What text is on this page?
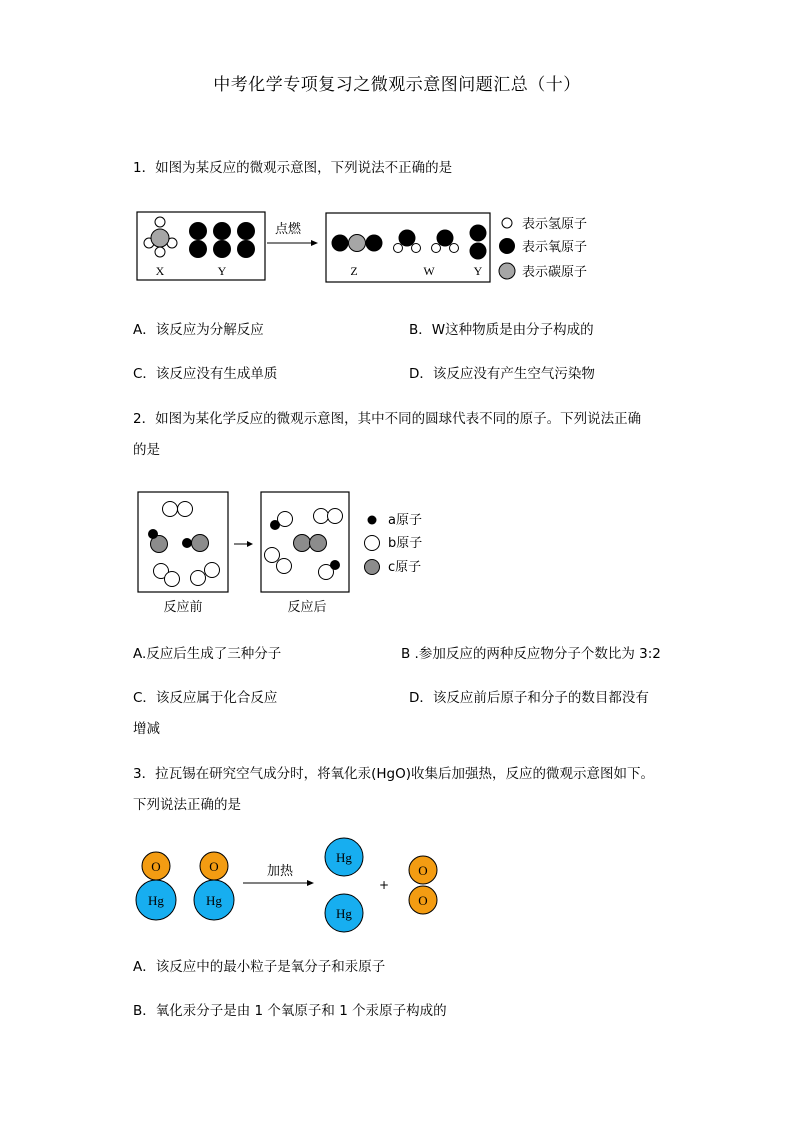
中考化学专项复习之微观示意图问题汇总（十）
1．如图为某反应的微观示意图，下列说法不正确的是
X	Y
点燃
Z	W	Y
表示氢原子
表示氧原子
表示碳原子
A．该反应为分解反应	B．W这种物质是由分子构成的
C．该反应没有生成单质	D．该反应没有产生空气污染物
2．如图为某化学反应的微观示意图，其中不同的圆球代表不同的原子。下列说法正确
的是
反应前	反应后
a原子
b原子
c原子
A.反应后生成了三种分子	B .参加反应的两种反应物分子个数比为 3:2
C．该反应属于化合反应	D．该反应前后原子和分子的数目都没有
增减
3．拉瓦锡在研究空气成分时，将氧化汞(HgO)收集后加强热，反应的微观示意图如下。
下列说法正确的是
O
Hg
O
Hg
加热
Hg
Hg
+
O
O
A．该反应中的最小粒子是氧分子和汞原子
B．氧化汞分子是由 1 个氧原子和 1 个汞原子构成的
